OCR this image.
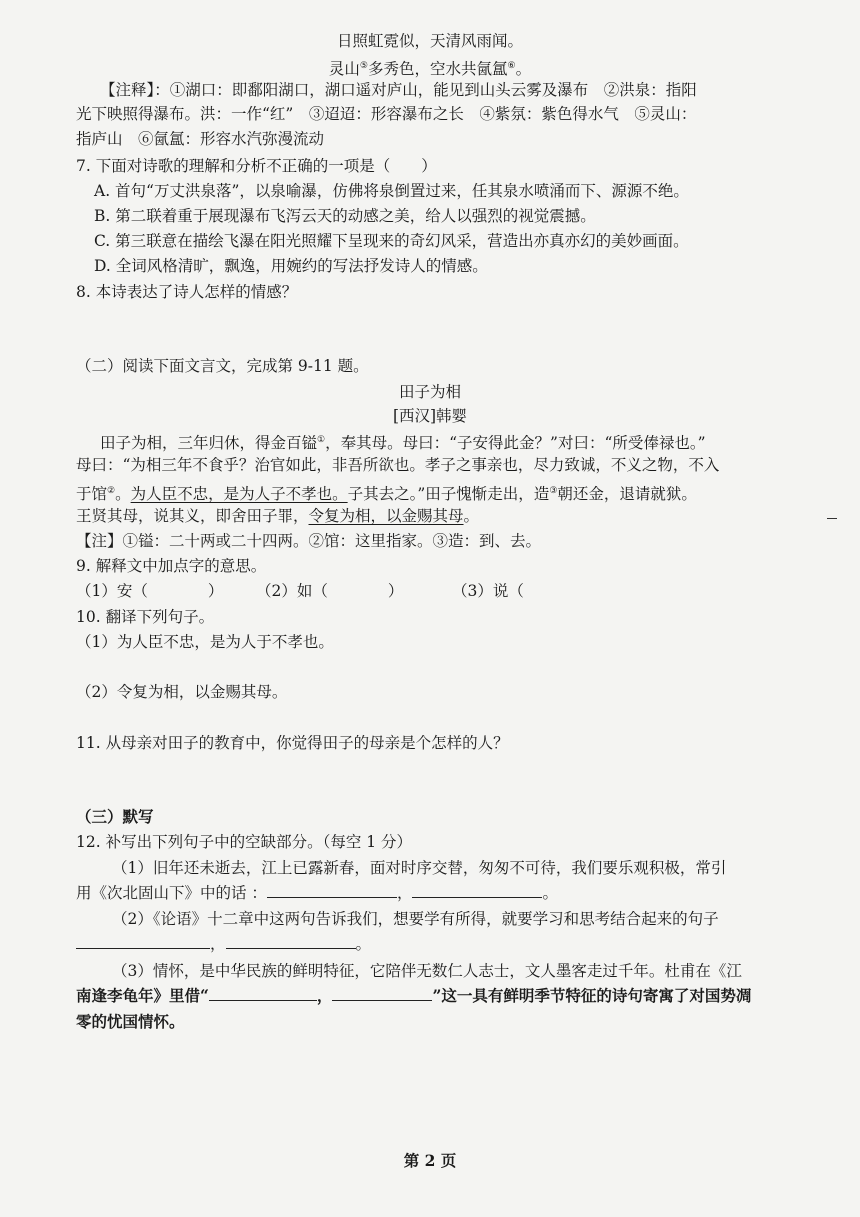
日照虹霓似，天清风雨闻。
灵山⑤多秀色，空水共氤氲⑥。
【注释】：①湖口：即鄱阳湖口，湖口遥对庐山，能见到山头云雾及瀑布　②洪泉：指阳
光下映照得瀑布。洪：一作“红”　③迢迢：形容瀑布之长　④紫氛：紫色得水气　⑤灵山：
指庐山　⑥氤氲：形容水汽弥漫流动
7. 下面对诗歌的理解和分析不正确的一项是（　　）
A. 首句“万丈洪泉落”，以泉喻瀑，仿佛将泉倒置过来，任其泉水喷涌而下、源源不绝。
B. 第二联着重于展现瀑布飞泻云天的动感之美，给人以强烈的视觉震撼。
C. 第三联意在描绘飞瀑在阳光照耀下呈现来的奇幻风采，营造出亦真亦幻的美妙画面。
D. 全词风格清旷，飘逸，用婉约的写法抒发诗人的情感。
8. 本诗表达了诗人怎样的情感？
（二）阅读下面文言文，完成第 9-11 题。
田子为相
[西汉]韩婴
田子为相，三年归休，得金百镒①，奉其母。母曰：“子安得此金？”对曰：“所受俸禄也。”
母曰：“为相三年不食乎？治官如此，非吾所欲也。孝子之事亲也，尽力致诚，不义之物，不入
于馆②。为人臣不忠，是为人子不孝也。子其去之。”田子愧惭走出，造③朝还金，退请就狱。
王贤其母，说其义，即舍田子罪，令复为相，以金赐其母。
【注】①镒：二十两或二十四两。②馆：这里指家。③造：到、去。
9. 解释文中加点字的意思。
（1）安（	） （2）如（	）	（3）说（
10. 翻译下列句子。
（1）为人臣不忠，是为人于不孝也。
（2）令复为相，以金赐其母。
11. 从母亲对田子的教育中，你觉得田子的母亲是个怎样的人？
（三）默写
12. 补写出下列句子中的空缺部分。（每空 1 分）
（1）旧年还未逝去，江上已露新春，面对时序交替，匆匆不可待，我们要乐观积极，常引
用《次北固山下》中的话 ：	，	。
（2）《论语》十二章中这两句告诉我们，想要学有所得，就要学习和思考结合起来的句子
，	。
（3）情怀，是中华民族的鲜明特征，它陪伴无数仁人志士，文人墨客走过千年。杜甫在《江
南逢李龟年》里借“	，	”这一具有鲜明季节特征的诗句寄寓了对国势凋
零的忧国情怀。
第 2 页
